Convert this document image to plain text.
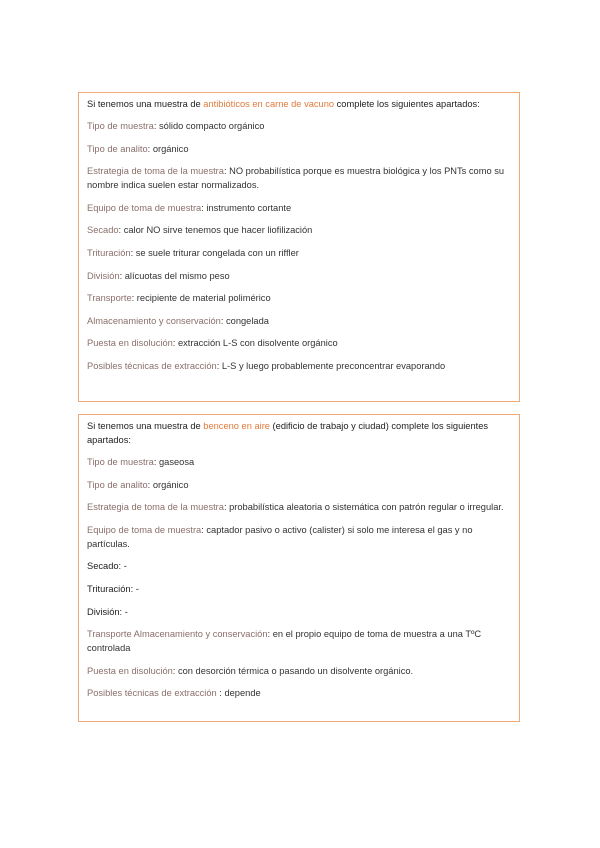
Si tenemos una muestra de antibióticos en carne de vacuno complete los siguientes apartados:

Tipo de muestra: sólido compacto orgánico

Tipo de analito: orgánico

Estrategia de toma de la muestra: NO probabilística porque es muestra biológica y los PNTs como su nombre indica suelen estar normalizados.

Equipo de toma de muestra: instrumento cortante

Secado: calor NO sirve tenemos que hacer liofilización

Trituración: se suele triturar congelada con un riffler

División: alícuotas del mismo peso

Transporte: recipiente de material polimérico

Almacenamiento y conservación: congelada

Puesta en disolución: extracción L-S con disolvente orgánico

Posibles técnicas de extracción: L-S y luego probablemente preconcentrar evaporando

Si tenemos una muestra de benceno en aire (edificio de trabajo y ciudad) complete los siguientes apartados:

Tipo de muestra: gaseosa

Tipo de analito: orgánico

Estrategia de toma de la muestra: probabilística aleatoria o sistemática con patrón regular o irregular.

Equipo de toma de muestra: captador pasivo o activo (calister) si solo me interesa el gas y no partículas.

Secado: -

Trituración: -

División: -

Transporte Almacenamiento y conservación: en el propio equipo de toma de muestra a una TºC controlada

Puesta en disolución: con desorción térmica o pasando un disolvente orgánico.

Posibles técnicas de extracción : depende
